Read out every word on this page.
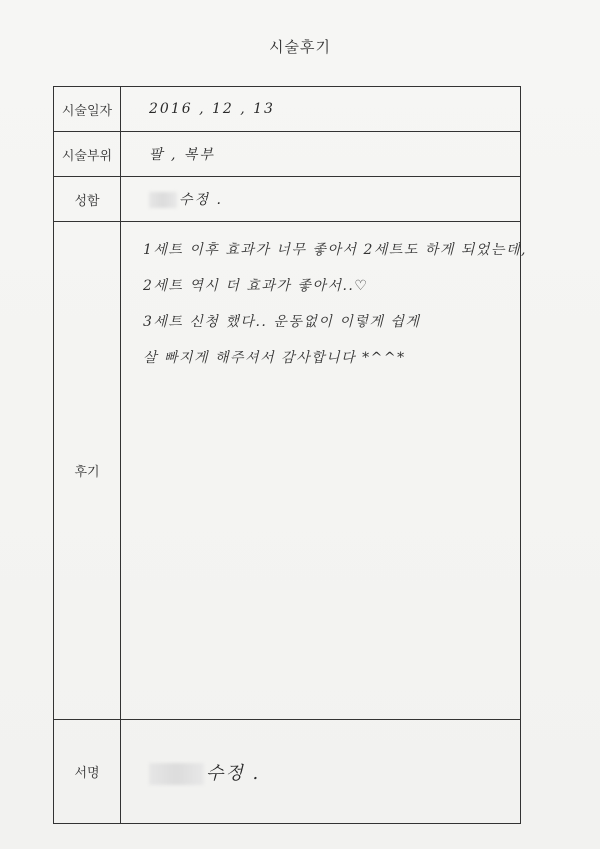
시술후기
시술일자	2016 , 12 , 13
시술부위	팔 , 복부
성함	수정 .
후기	1세트 이후 효과가 너무 좋아서 2세트도 하게 되었는데,
2세트 역시 더 효과가 좋아서..♡
3세트 신청 했다.. 운동없이 이렇게 쉽게
살 빠지게 해주셔서 감사합니다 *^^*

서명	수정 .
